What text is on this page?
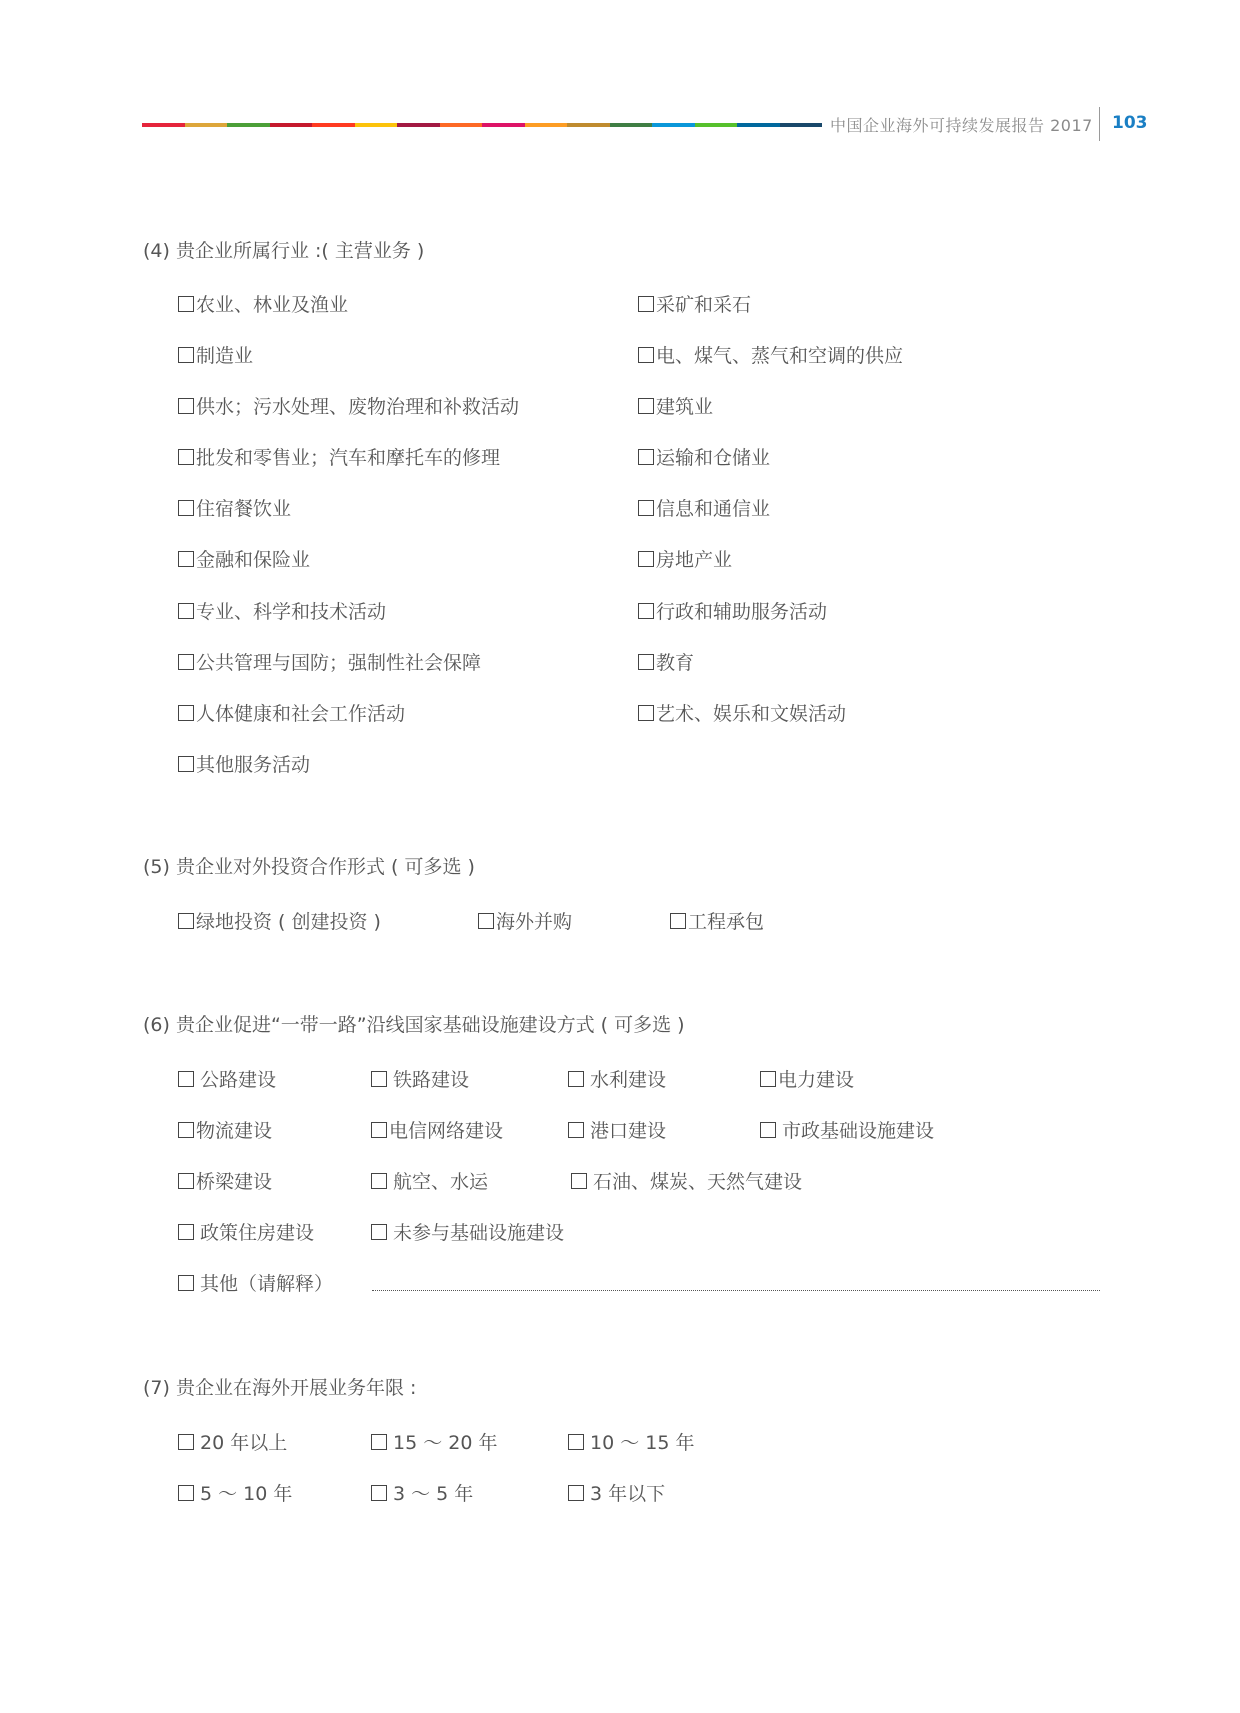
中国企业海外可持续发展报告 2017 103
(4) 贵企业所属行业 :( 主营业务 )
农业、林业及渔业	采矿和采石
制造业	电、煤气、蒸气和空调的供应
供水；污水处理、废物治理和补救活动	建筑业
批发和零售业；汽车和摩托车的修理	运输和仓储业
住宿餐饮业	信息和通信业
金融和保险业	房地产业
专业、科学和技术活动	行政和辅助服务活动
公共管理与国防；强制性社会保障	教育
人体健康和社会工作活动	艺术、娱乐和文娱活动
其他服务活动
(5) 贵企业对外投资合作形式 ( 可多选 )
绿地投资 ( 创建投资 )	海外并购	工程承包
(6) 贵企业促进“一带一路”沿线国家基础设施建设方式 ( 可多选 )
公路建设	铁路建设	水利建设	电力建设
物流建设	电信网络建设	港口建设	市政基础设施建设
桥梁建设	航空、水运	石油、煤炭、天然气建设
政策住房建设	未参与基础设施建设
其他（请解释）
(7) 贵企业在海外开展业务年限 :
20 年以上	15 ～ 20 年	10 ～ 15 年
5 ～ 10 年	3 ～ 5 年	3 年以下
